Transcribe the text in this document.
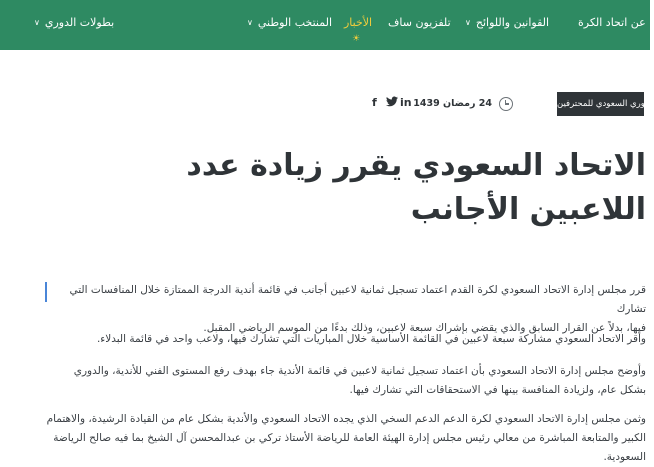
عن اتحاد الكرة
∨ القوانين واللوائح
تلفزيون ساف
الأخبار
☀
∨ المنتخب الوطني
∨ بطولات الدوري
الدوري السعودي للمحترفين
24 رمضان 1439
in
f
الاتحاد السعودي يقرر زيادة عدد
اللاعبين الأجانب
قرر مجلس إدارة الاتحاد السعودي لكرة القدم اعتماد تسجيل ثمانية لاعبين أجانب في قائمة أندية الدرجة الممتازة خلال المنافسات التي تشارك
فيها، بدلاً عن القرار السابق والذي يقضي بإشراك سبعة لاعبين، وذلك بدءًا من الموسم الرياضي المقبل.
وأقر الاتحاد السعودي مشاركة سبعة لاعبين في القائمة الأساسية خلال المباريات التي تشارك فيها، ولاعب واحد في قائمة البدلاء.
وأوضح مجلس إدارة الاتحاد السعودي بأن اعتماد تسجيل ثمانية لاعبين في قائمة الأندية جاء بهدف رفع المستوى الفني للأندية، والدوري
بشكل عام، ولزيادة المنافسة بينها في الاستحقاقات التي تشارك فيها.
وثمن مجلس إدارة الاتحاد السعودي لكرة الدعم الدعم السخي الذي يجده الاتحاد السعودي والأندية بشكل عام من القيادة الرشيدة، والاهتمام
الكبير والمتابعة المباشرة من معالي رئيس مجلس إدارة الهيئة العامة للرياضة الأستاذ تركي بن عبدالمحسن آل الشيخ بما فيه صالح الرياضة
السعودية.
